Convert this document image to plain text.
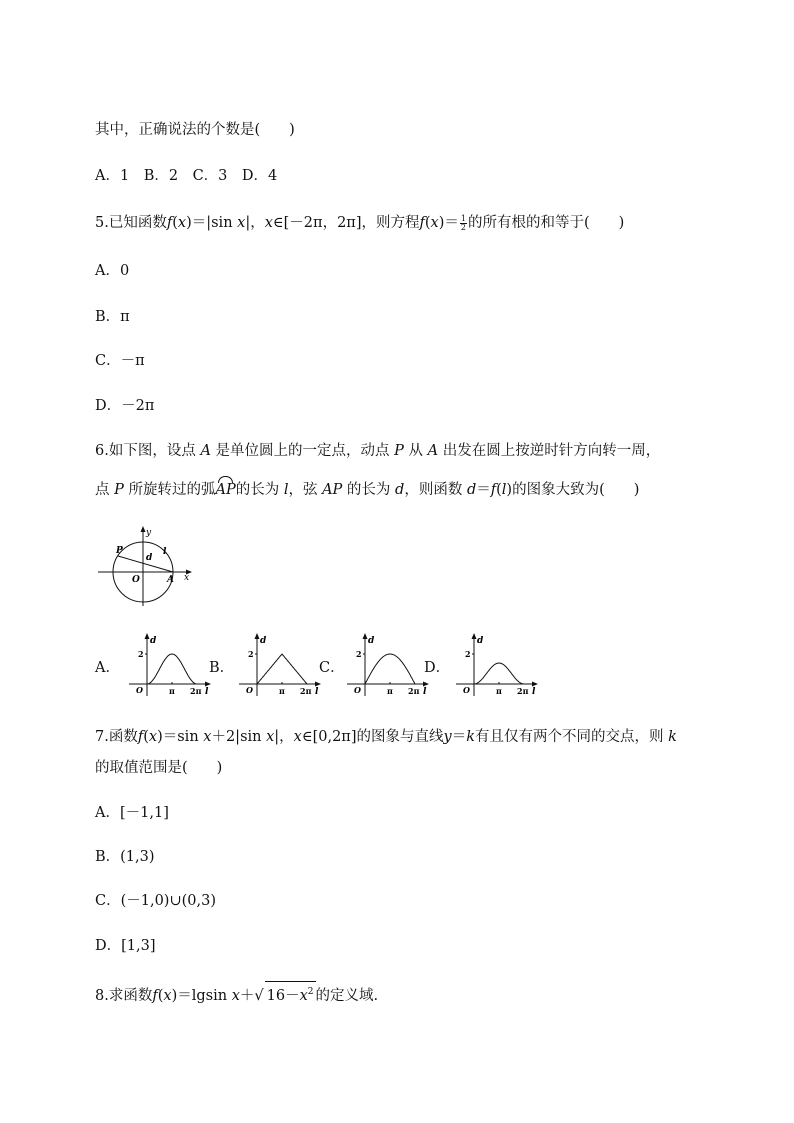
其中，正确说法的个数是(　　)
A．1　B．2　C．3　D．4
5.已知函数f(x)＝|sin x|，x∈[－2π，2π]，则方程$f(x)= \frac{1}{2}$ 的所有根的和等于(　　)
A．0
B．π
C．－π
D．－2π
6.如下图，设点 A 是单位圆上的一定点，动点 P 从 A 出发在圆上按逆时针方向转一周，
点 P 所旋转过的弧AP的长为 l，弦 AP 的长为 d，则函数 d＝f(l)的图象大致为(　　)
y
x
O	A
P
d
l
A．	B．	C．	D．
d
2
O	π 2π l
d
2
O	π 2π l
d
2
O	π 2π l
d
2
O	π 2π l
7.函数f(x)＝sin x＋2|sin x|，x∈[0,2π]的图象与直线y＝k有且仅有两个不同的交点，则 k
的取值范围是(　　)
A．[－1,1]
B．(1,3)
C．(－1,0)∪(0,3)
D．[1,3]
8.求函数f(x)＝lgsin x＋√ $16-x^2$ 的定义域.
